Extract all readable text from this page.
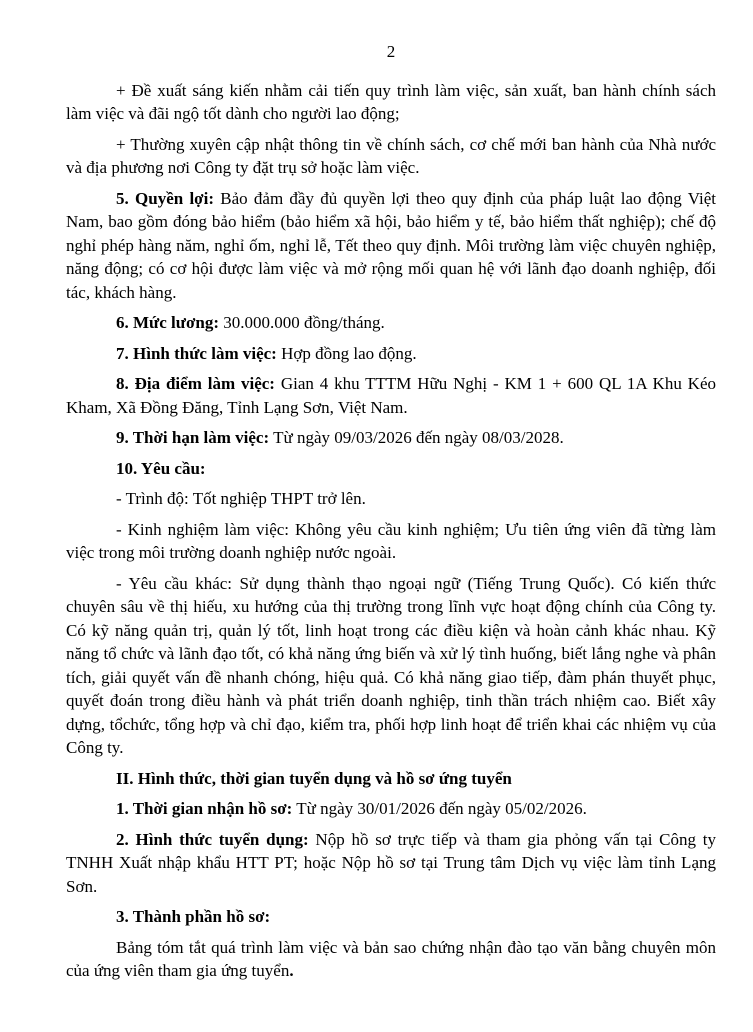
2

+ Đề xuất sáng kiến nhằm cải tiến quy trình làm việc, sản xuất, ban hành chính sách làm việc và đãi ngộ tốt dành cho người lao động;

+ Thường xuyên cập nhật thông tin về chính sách, cơ chế mới ban hành của Nhà nước và địa phương nơi Công ty đặt trụ sở hoặc làm việc.

5. Quyền lợi: Bảo đảm đầy đủ quyền lợi theo quy định của pháp luật lao động Việt Nam, bao gồm đóng bảo hiểm (bảo hiểm xã hội, bảo hiểm y tế, bảo hiểm thất nghiệp); chế độ nghỉ phép hàng năm, nghỉ ốm, nghỉ lễ, Tết theo quy định. Môi trường làm việc chuyên nghiệp, năng động; có cơ hội được làm việc và mở rộng mối quan hệ với lãnh đạo doanh nghiệp, đối tác, khách hàng.

6. Mức lương: 30.000.000 đồng/tháng.

7. Hình thức làm việc: Hợp đồng lao động.

8. Địa điểm làm việc: Gian 4 khu TTTM Hữu Nghị - KM 1 + 600 QL 1A Khu Kéo Kham, Xã Đồng Đăng, Tỉnh Lạng Sơn, Việt Nam.

9. Thời hạn làm việc: Từ ngày 09/03/2026 đến ngày 08/03/2028.

10. Yêu cầu:

- Trình độ: Tốt nghiệp THPT trở lên.

- Kinh nghiệm làm việc: Không yêu cầu kinh nghiệm; Ưu tiên ứng viên đã từng làm việc trong môi trường doanh nghiệp nước ngoài.

- Yêu cầu khác: Sử dụng thành thạo ngoại ngữ (Tiếng Trung Quốc). Có kiến thức chuyên sâu về thị hiếu, xu hướng của thị trường trong lĩnh vực hoạt động chính của Công ty. Có kỹ năng quản trị, quản lý tốt, linh hoạt trong các điều kiện và hoàn cảnh khác nhau. Kỹ năng tổ chức và lãnh đạo tốt, có khả năng ứng biến và xử lý tình huống, biết lắng nghe và phân tích, giải quyết vấn đề nhanh chóng, hiệu quả. Có khả năng giao tiếp, đàm phán thuyết phục, quyết đoán trong điều hành và phát triển doanh nghiệp, tinh thần trách nhiệm cao. Biết xây dựng, tổchức, tổng hợp và chỉ đạo, kiểm tra, phối hợp linh hoạt để triển khai các nhiệm vụ của Công ty.

II. Hình thức, thời gian tuyển dụng và hồ sơ ứng tuyển

1. Thời gian nhận hồ sơ: Từ ngày 30/01/2026 đến ngày 05/02/2026.

2. Hình thức tuyển dụng: Nộp hồ sơ trực tiếp và tham gia phỏng vấn tại Công ty TNHH Xuất nhập khẩu HTT PT; hoặc Nộp hồ sơ tại Trung tâm Dịch vụ việc làm tỉnh Lạng Sơn.

3. Thành phần hồ sơ:

Bảng tóm tắt quá trình làm việc và bản sao chứng nhận đào tạo văn bằng chuyên môn của ứng viên tham gia ứng tuyển.
